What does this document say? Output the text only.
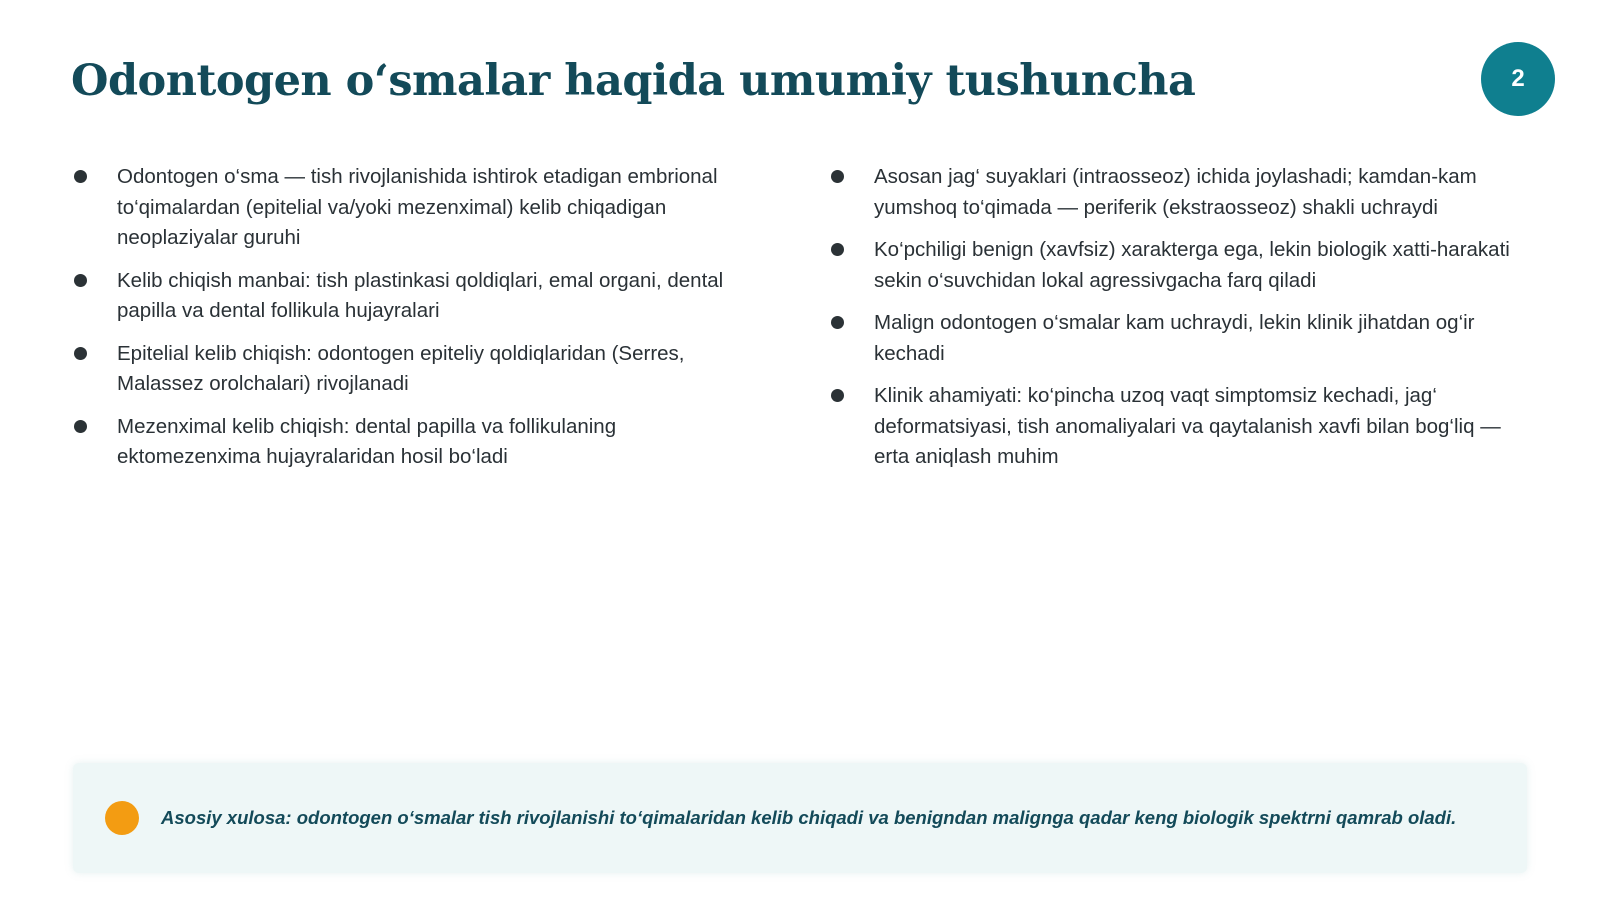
Odontogen o‘smalar haqida umumiy tushuncha	2
Odontogen o‘sma — tish rivojlanishida ishtirok etadigan embrional to‘qimalardan (epitelial va/yoki mezenximal) kelib chiqadigan neoplaziyalar guruhi
Kelib chiqish manbai: tish plastinkasi qoldiqlari, emal organi, dental papilla va dental follikula hujayralari
Epitelial kelib chiqish: odontogen epiteliy qoldiqlaridan (Serres, Malassez orolchalari) rivojlanadi
Mezenximal kelib chiqish: dental papilla va follikulaning ektomezenxima hujayralaridan hosil bo‘ladi
Asosan jag‘ suyaklari (intraosseoz) ichida joylashadi; kamdan-kam yumshoq to‘qimada — periferik (ekstraosseoz) shakli uchraydi
Ko‘pchiligi benign (xavfsiz) xarakterga ega, lekin biologik xatti-harakati sekin o‘suvchidan lokal agressivgacha farq qiladi
Malign odontogen o‘smalar kam uchraydi, lekin klinik jihatdan og‘ir kechadi
Klinik ahamiyati: ko‘pincha uzoq vaqt simptomsiz kechadi, jag‘ deformatsiyasi, tish anomaliyalari va qaytalanish xavfi bilan bog‘liq — erta aniqlash muhim

Asosiy xulosa: odontogen o‘smalar tish rivojlanishi to‘qimalaridan kelib chiqadi va benigndan malignga qadar keng biologik spektrni qamrab oladi.
